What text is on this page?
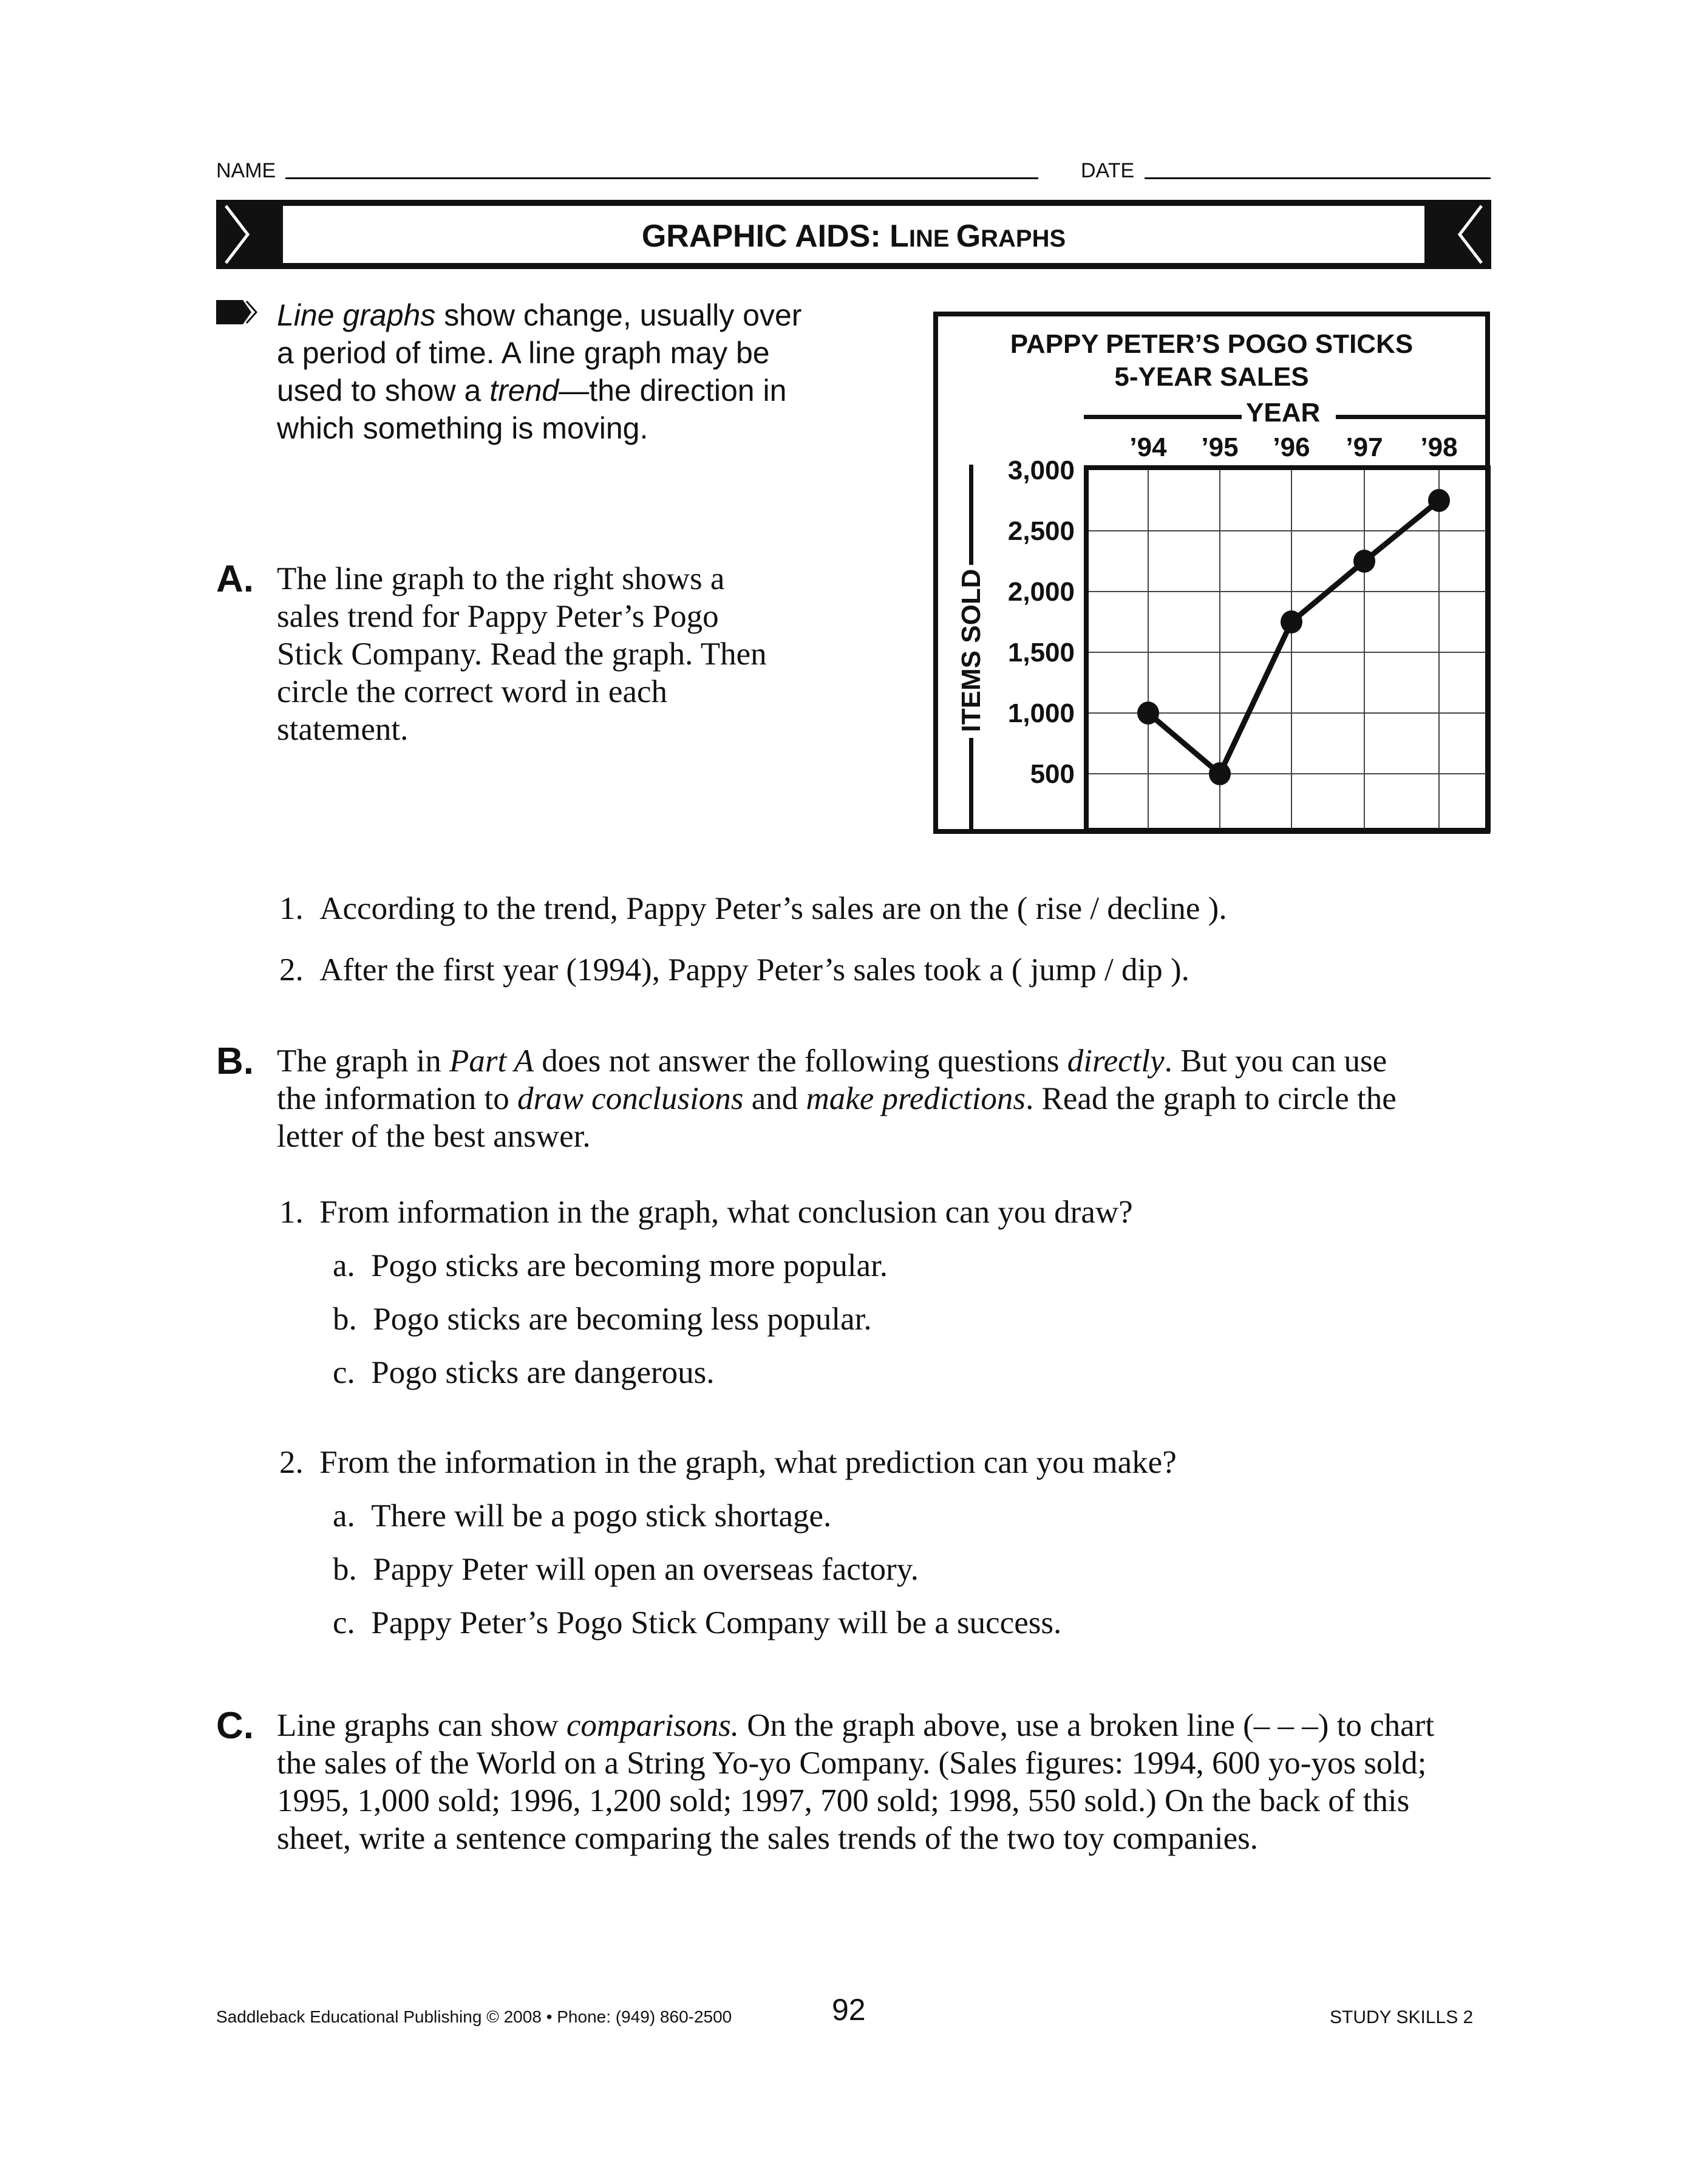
NAME	DATE
GRAPHIC AIDS: LINE GRAPHS
Line graphs show change, usually over a period of time. A line graph may be used to show a trend—the direction in which something is moving.
A. The line graph to the right shows a sales trend for Pappy Peter’s Pogo Stick Company. Read the graph. Then circle the correct word in each statement.
1. According to the trend, Pappy Peter’s sales are on the ( rise / decline ).
2. After the first year (1994), Pappy Peter’s sales took a ( jump / dip ).
B. The graph in Part A does not answer the following questions directly. But you can use the information to draw conclusions and make predictions. Read the graph to circle the letter of the best answer.
1. From information in the graph, what conclusion can you draw?
a. Pogo sticks are becoming more popular.
b. Pogo sticks are becoming less popular.
c. Pogo sticks are dangerous.
2. From the information in the graph, what prediction can you make?
a. There will be a pogo stick shortage.
b. Pappy Peter will open an overseas factory.
c. Pappy Peter’s Pogo Stick Company will be a success.
C. Line graphs can show comparisons. On the graph above, use a broken line (– – –) to chart the sales of the World on a String Yo-yo Company. (Sales figures: 1994, 600 yo-yos sold; 1995, 1,000 sold; 1996, 1,200 sold; 1997, 700 sold; 1998, 550 sold.) On the back of this sheet, write a sentence comparing the sales trends of the two toy companies.
PAPPY PETER’S POGO STICKS
5-YEAR SALES
YEAR
’94	’95	’96	’97	’98
3,000
2,500
2,000
1,500
1,000
500
ITEMS SOLD
Saddleback Educational Publishing © 2008 • Phone: (949) 860-2500	92	STUDY SKILLS 2
